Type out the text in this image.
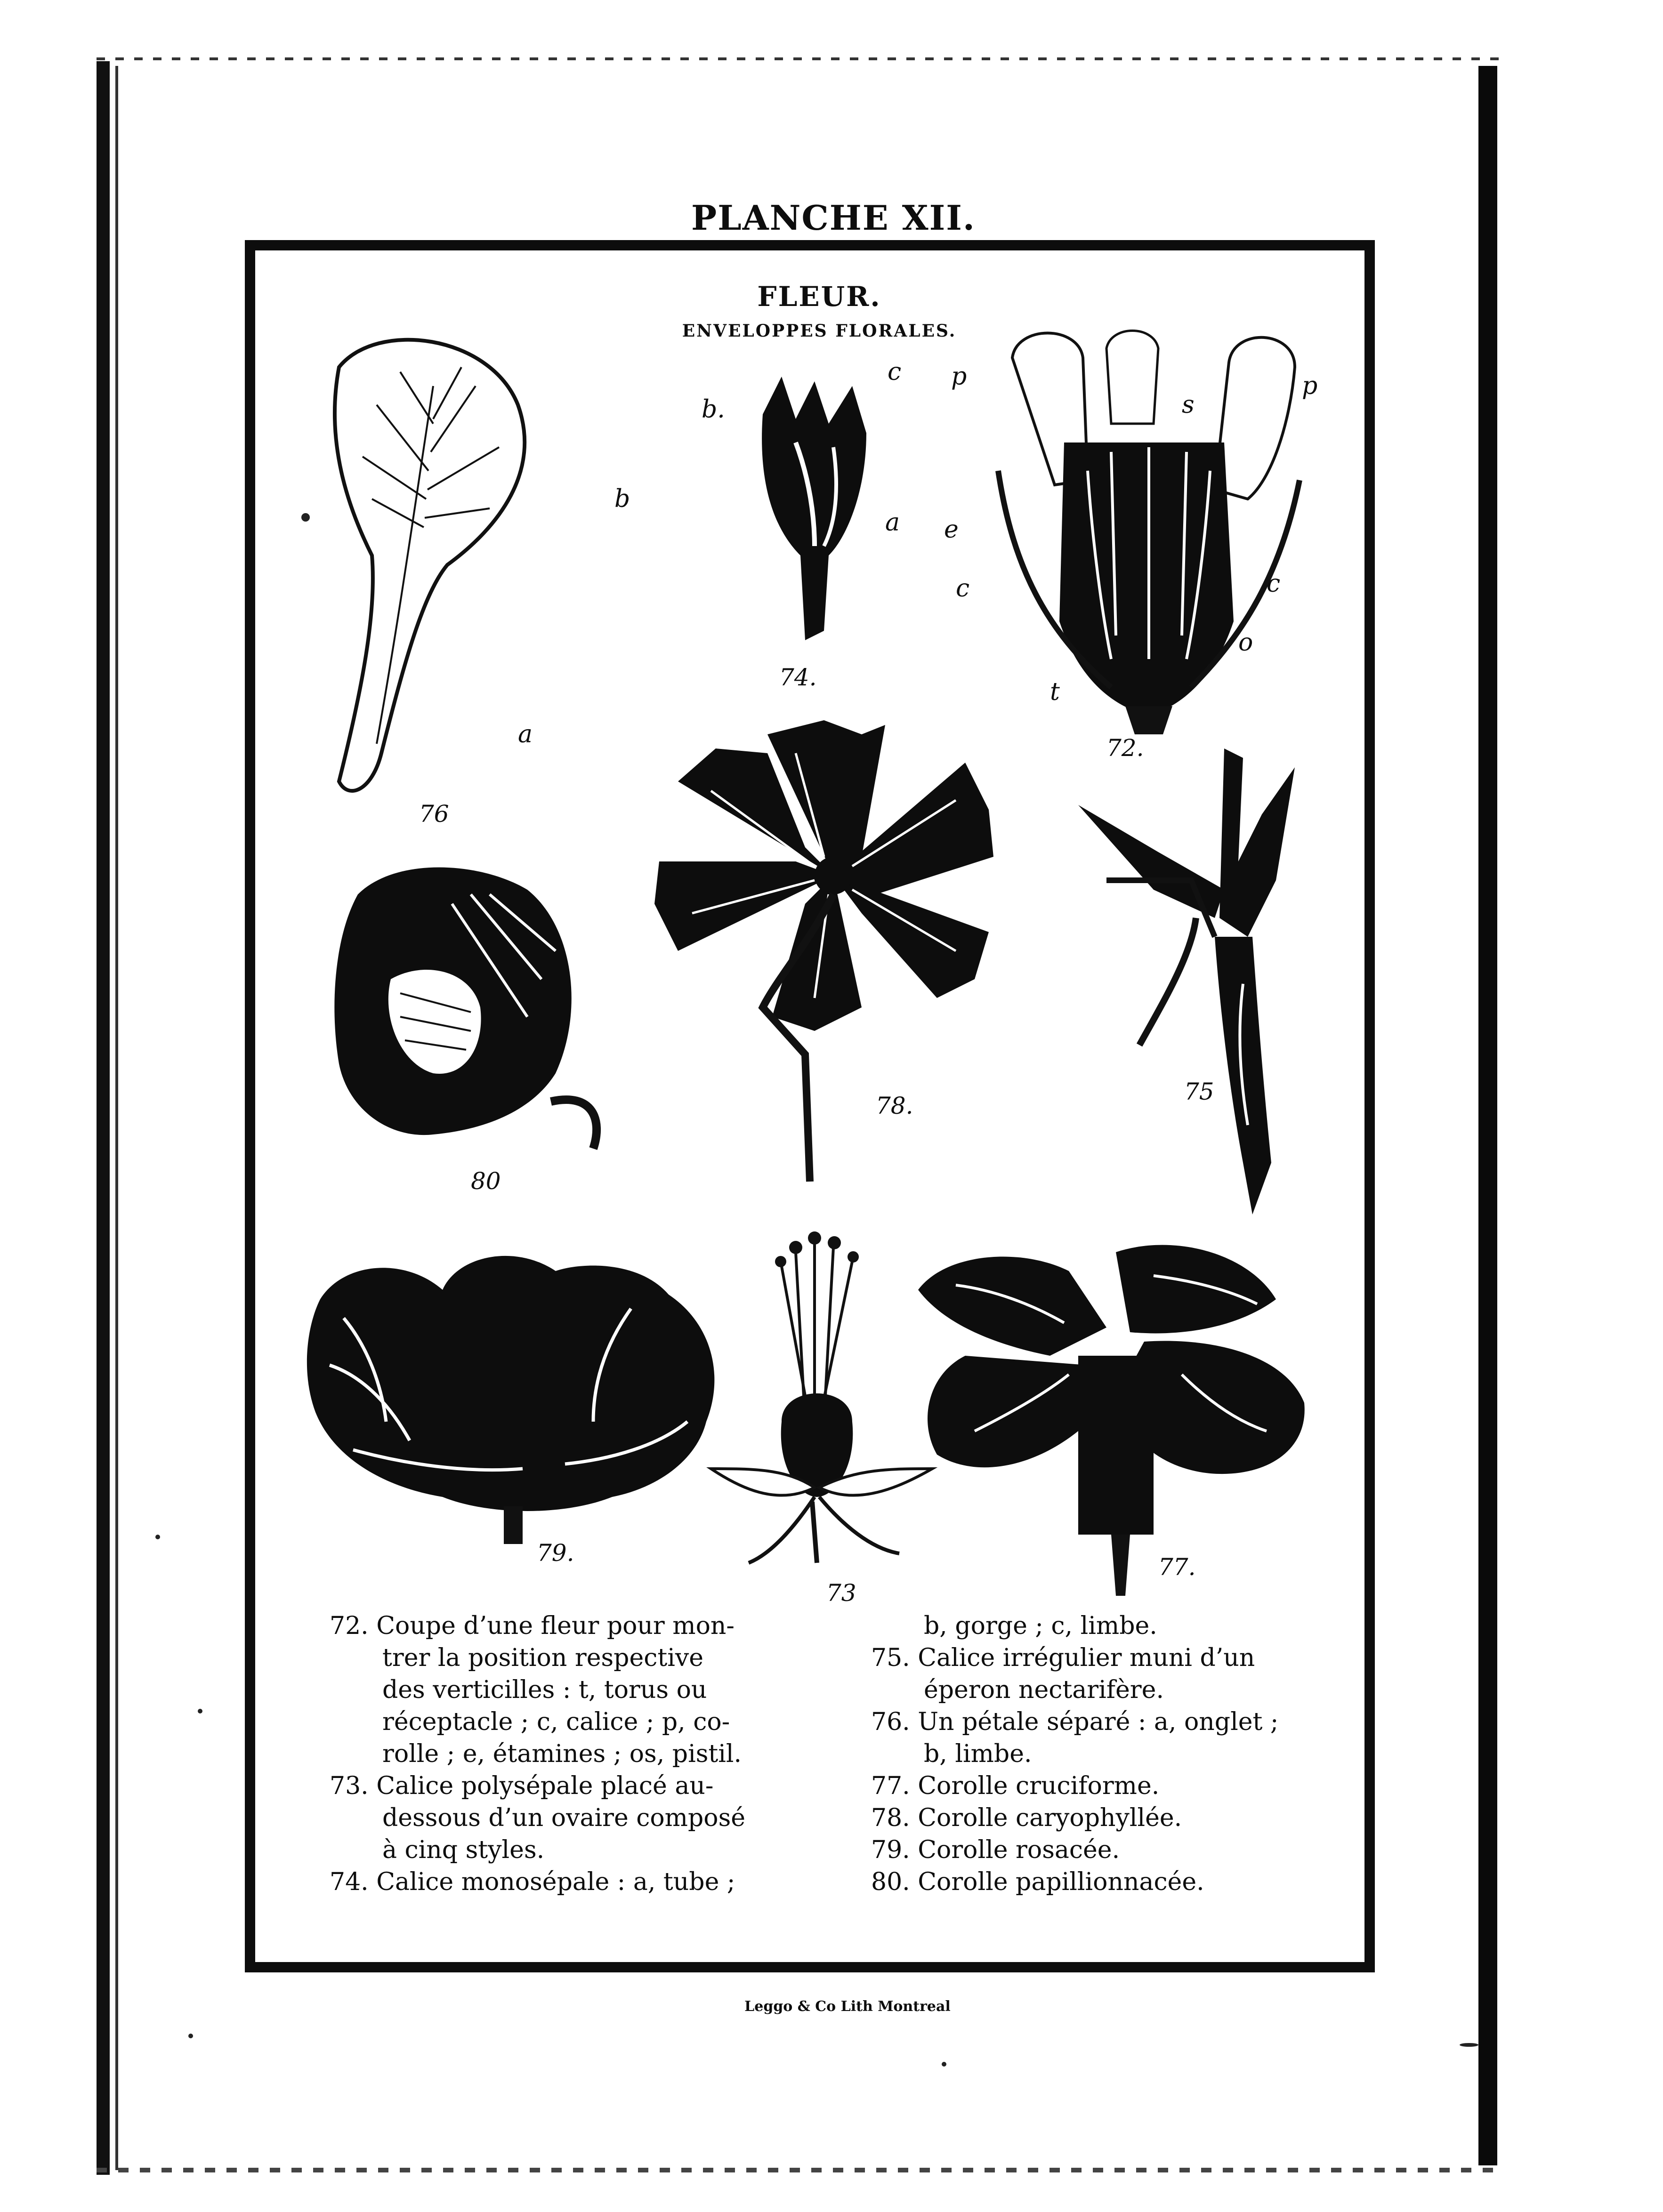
PLANCHE XII.
FLEUR.
ENVELOPPES FLORALES.
b
a
76
b.
c
a
74.
p	p
s
e
c	c
o
t
72.
78.
75
80
79.
73
77.

72. Coupe d’une fleur pour mon-

trer la position respective

des verticilles : t, torus ou

réceptacle ; c, calice ; p, co-

rolle ; e, étamines ; os, pistil.

73. Calice polysépale placé au-

dessous d’un ovaire composé

à cinq styles.

74. Calice monosépale : a, tube ;

b, gorge ; c, limbe.

75. Calice irrégulier muni d’un

éperon nectarifère.

76. Un pétale séparé : a, onglet ;

b, limbe.

77. Corolle cruciforme.

78. Corolle caryophyllée.

79. Corolle rosacée.

80. Corolle papillionnacée.

Leggo & Co Lith Montreal
